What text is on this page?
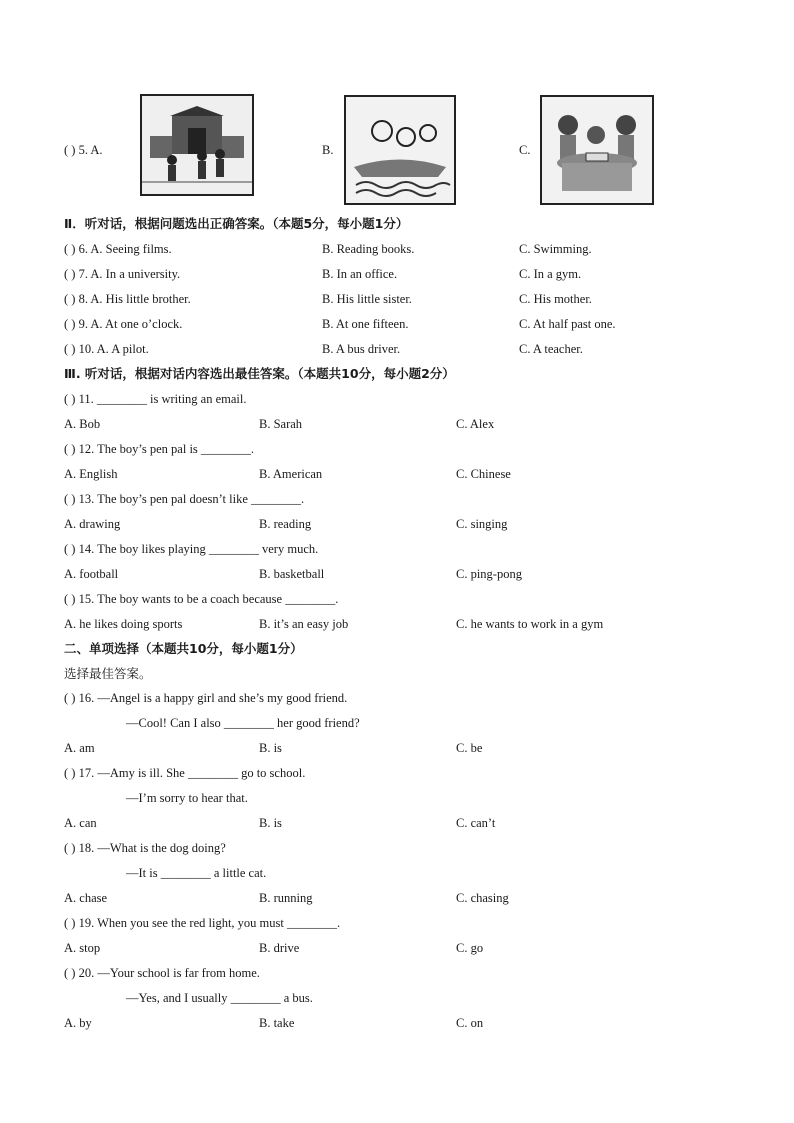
( ) 5. A.	B.	C.
Ⅱ．听对话，根据问题选出正确答案。（本题5分，每小题1分）
( ) 6. A. Seeing films.	B. Reading books.	C. Swimming.
( ) 7. A. In a university.	B. In an office.	C. In a gym.
( ) 8. A. His little brother.	B. His little sister.	C. His mother.
( ) 9. A. At one o’clock.	B. At one fifteen.	C. At half past one.
( ) 10. A. A pilot.	B. A bus driver.	C. A teacher.
Ⅲ. 听对话，根据对话内容选出最佳答案。（本题共10分，每小题2分）
( ) 11. ________ is writing an email.
A. Bob	B. Sarah	C. Alex
( ) 12. The boy’s pen pal is ________.
A. English	B. American	C. Chinese
( ) 13. The boy’s pen pal doesn’t like ________.
A. drawing	B. reading	C. singing
( ) 14. The boy likes playing ________ very much.
A. football	B. basketball	C. ping-pong
( ) 15. The boy wants to be a coach because ________.
A. he likes doing sports	B. it’s an easy job	C. he wants to work in a gym
二、单项选择（本题共10分，每小题1分）
选择最佳答案。
( ) 16. —Angel is a happy girl and she’s my good friend.
—Cool! Can I also ________ her good friend?
A. am	B. is	C. be
( ) 17. —Amy is ill. She ________ go to school.
—I’m sorry to hear that.
A. can	B. is	C. can’t
( ) 18. —What is the dog doing?
—It is ________ a little cat.
A. chase	B. running	C. chasing
( ) 19. When you see the red light, you must ________.
A. stop	B. drive	C. go
( ) 20. —Your school is far from home.
—Yes, and I usually ________ a bus.
A. by	B. take	C. on
